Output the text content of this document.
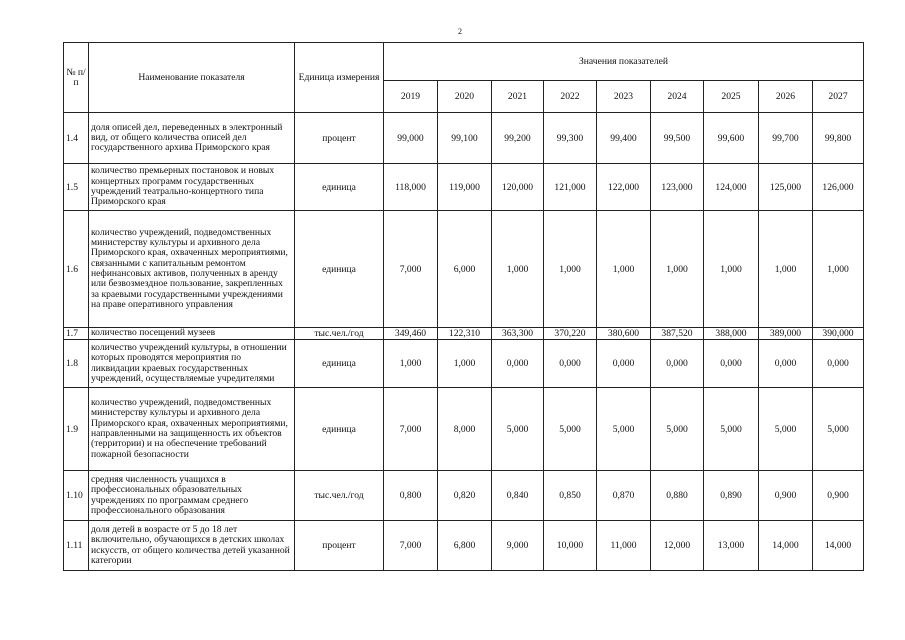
2
№ п/п	Наименование показателя	Единица измерения	Значения показателей								
			2019	2020	2021	2022	2023	2024	2025	2026	2027
1.4	доля описей дел, переведенных в электронный вид, от общего количества описей дел государственного архива Приморского края	процент	99,000	99,100	99,200	99,300	99,400	99,500	99,600	99,700	99,800
1.5	количество премьерных постановок и новых концертных программ государственных учреждений театрально-концертного типа Приморского края	единица	118,000	119,000	120,000	121,000	122,000	123,000	124,000	125,000	126,000
1.6	количество учреждений, подведомственных министерству культуры и архивного дела Приморского края, охваченных мероприятиями, связанными с капитальным ремонтом нефинансовых активов, полученных в аренду или безвозмездное пользование, закрепленных за краевыми государственными учреждениями на праве оперативного управления	единица	7,000	6,000	1,000	1,000	1,000	1,000	1,000	1,000	1,000
1.7	количество посещений музеев	тыс.чел./год	349,460	122,310	363,300	370,220	380,600	387,520	388,000	389,000	390,000
1.8	количество учреждений культуры, в отношении которых проводятся мероприятия по ликвидации краевых государственных учреждений, осуществляемые учредителями	единица	1,000	1,000	0,000	0,000	0,000	0,000	0,000	0,000	0,000
1.9	количество учреждений, подведомственных министерству культуры и архивного дела Приморского края, охваченных мероприятиями, направленными на защищенность их объектов (территории) и на обеспечение требований пожарной безопасности	единица	7,000	8,000	5,000	5,000	5,000	5,000	5,000	5,000	5,000
1.10	средняя численность учащихся в профессиональных образовательных учреждениях по программам среднего профессионального образования	тыс.чел./год	0,800	0,820	0,840	0,850	0,870	0,880	0,890	0,900	0,900
1.11	доля детей в возрасте от 5 до 18 лет включительно, обучающихся в детских школах искусств, от общего количества детей указанной категории	процент	7,000	6,800	9,000	10,000	11,000	12,000	13,000	14,000	14,000
